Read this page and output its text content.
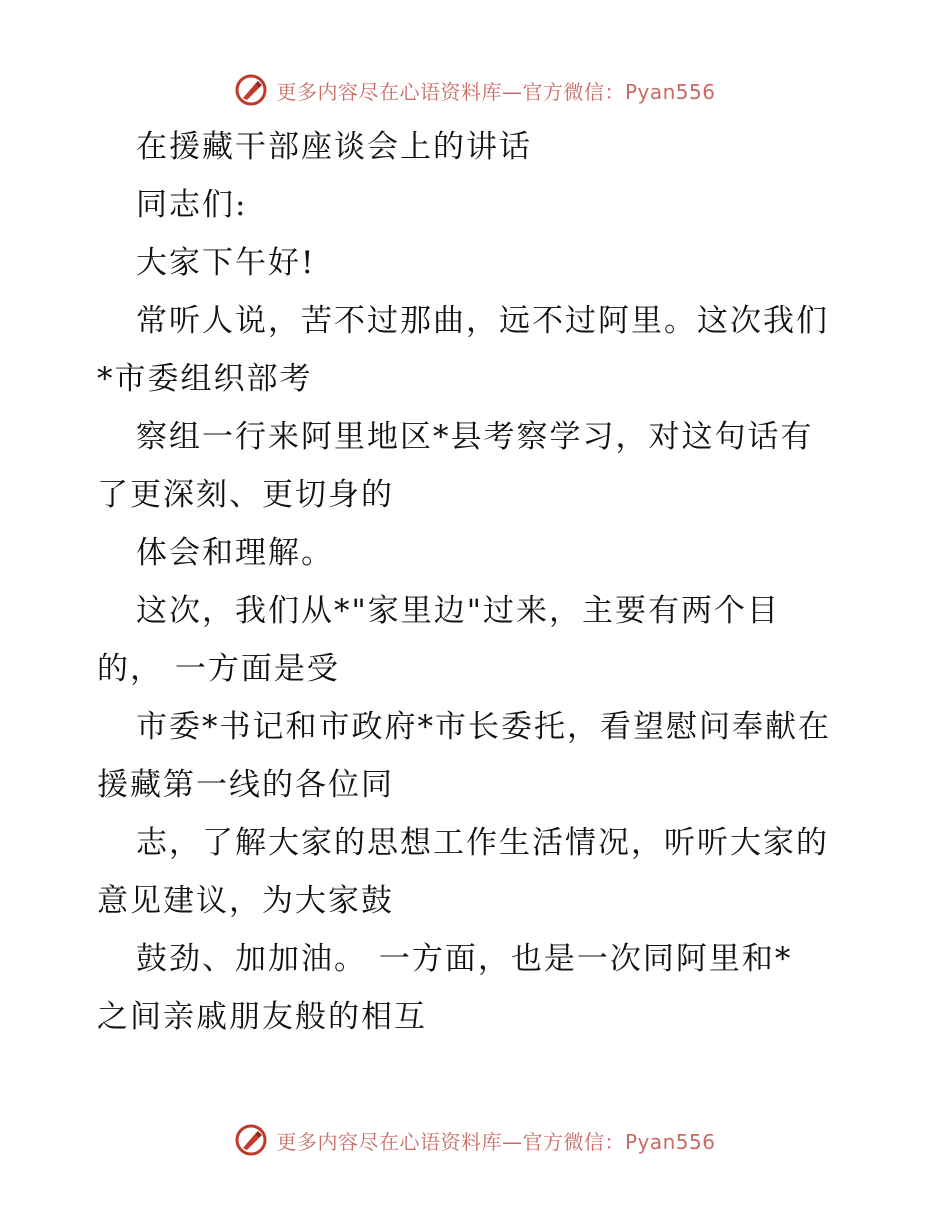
更多内容尽在心语资料库—官方微信：Pyan556
在援藏干部座谈会上的讲话
同志们:
大家下午好!
常听人说，苦不过那曲，远不过阿里。这次我们
*市委组织部考
察组一行来阿里地区*县考察学习，对这句话有
了更深刻、更切身的
体会和理解。
这次，我们从*"家里边"过来，主要有两个目
的， 一方面是受
市委*书记和市政府*市长委托，看望慰问奉献在
援藏第一线的各位同
志，了解大家的思想工作生活情况，听听大家的
意见建议，为大家鼓
鼓劲、加加油。 一方面，也是一次同阿里和*
之间亲戚朋友般的相互
更多内容尽在心语资料库—官方微信：Pyan556
